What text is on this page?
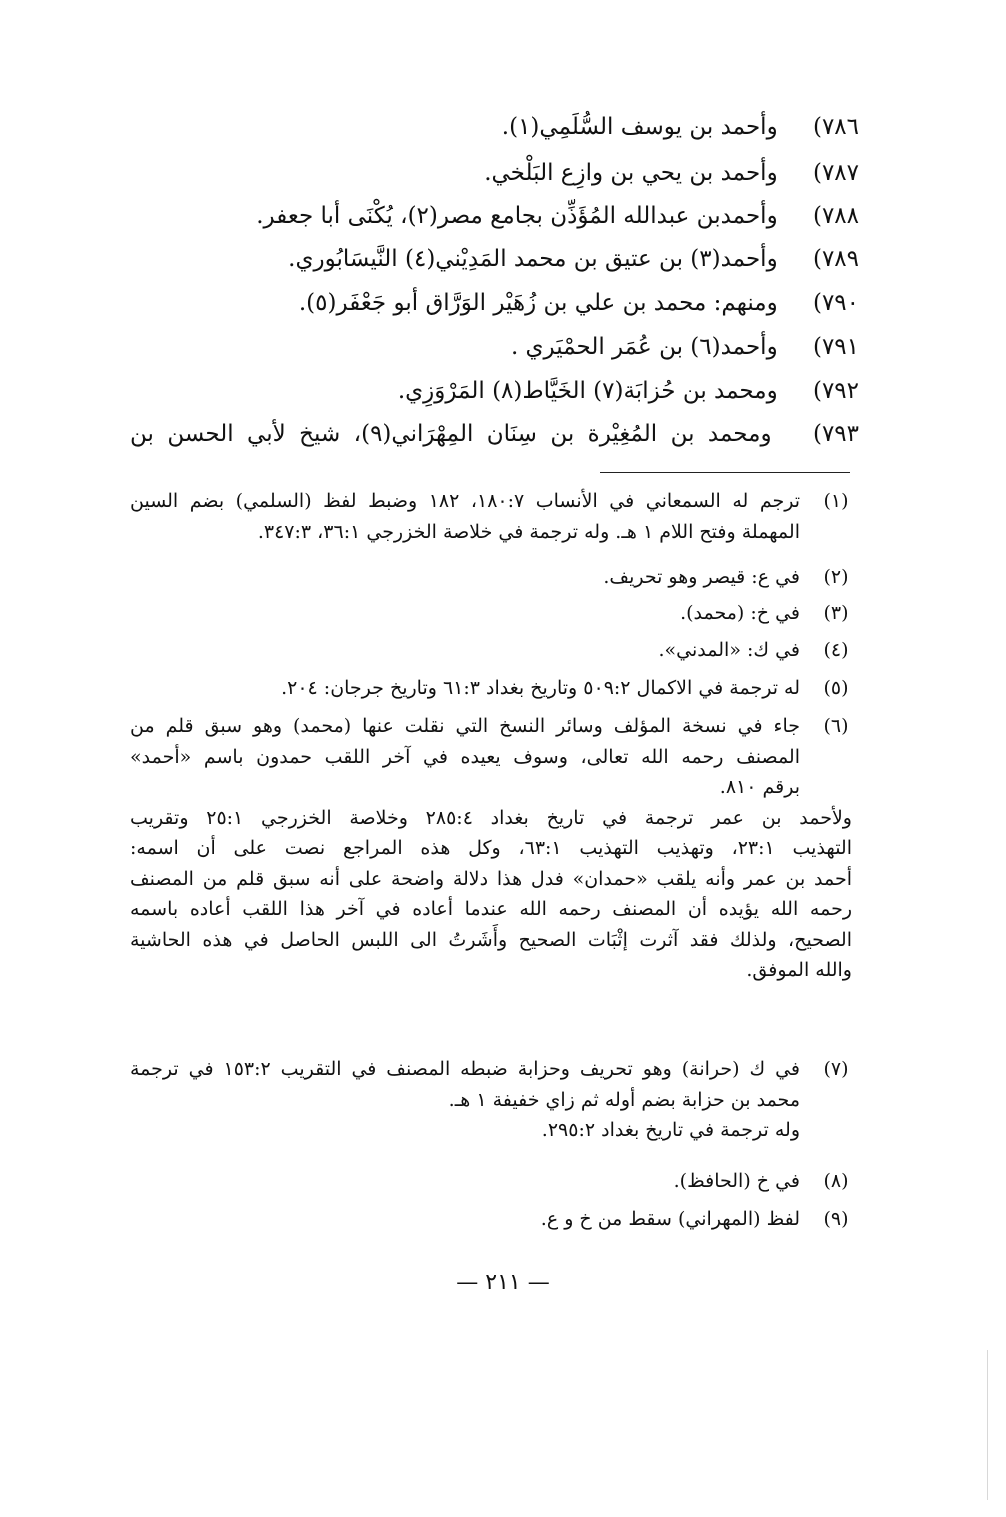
٧٨٦) وأحمد بن يوسف السُّلَمِي(١).
٧٨٧) وأحمد بن يحي بن وازِع البَلْخي.
٧٨٨) وأحمدبن عبدالله المُؤَذِّن بجامع مصر(٢)، يُكْنَى أبا جعفر.
٧٨٩) وأحمد(٣) بن عتيق بن محمد المَدِيْني(٤) النَّيسَابُوري.
٧٩٠) ومنهم: محمد بن علي بن زُهَيْر الوَرَّاق أبو جَعْفَر(٥).
٧٩١) وأحمد(٦) بن عُمَر الحمْيَري .
٧٩٢) ومحمد بن حُزابَة(٧) الخَيَّاط(٨) المَرْوَزِي.
٧٩٣) ومحمد بن المُغِيْرة بن سِنَان المِهْرَاني(٩)، شيخ لأبي الحسن بن
(١)
ترجم له السمعاني في الأنساب ١٨٠:٧، ١٨٢ وضبط لفظ (السلمي) بضم السين
المهملة وفتح اللام ١ هـ. وله ترجمة في خلاصة الخزرجي ٣٦:١، ٣٤٧:٣.
(٢)
في ع: قيصر وهو تحريف.
(٣)
في خ: (محمد).
(٤)
في ك: «المدني».
(٥)
له ترجمة في الاكمال ٥٠٩:٢ وتاريخ بغداد ٦١:٣ وتاريخ جرجان: ٢٠٤.
(٦)
جاء في نسخة المؤلف وسائر النسخ التي نقلت عنها (محمد) وهو سبق قلم من
المصنف رحمه الله تعالى، وسوف يعيده في آخر اللقب حمدون باسم «أحمد»
برقم ٨١٠.
ولأحمد بن عمر ترجمة في تاريخ بغداد ٢٨٥:٤ وخلاصة الخزرجي ٢٥:١ وتقريب
التهذيب ٢٣:١، وتهذيب التهذيب ٦٣:١، وكل هذه المراجع نصت على أن اسمه:
أحمد بن عمر وأنه يلقب «حمدان» فدل هذا دلالة واضحة على أنه سبق قلم من المصنف
رحمه الله يؤيده أن المصنف رحمه الله عندما أعاده في آخر هذا اللقب أعاده باسمه
الصحيح، ولذلك فقد آثرت إثْبَات الصحيح وأَشَرتُ الى اللبس الحاصل في هذه الحاشية
والله الموفق.
(٧)
في ك (حرانة) وهو تحريف وحزابة ضبطه المصنف في التقريب ١٥٣:٢ في ترجمة
محمد بن حزابة بضم أوله ثم زاي خفيفة ١ هـ.
وله ترجمة في تاريخ بغداد ٢٩٥:٢.
(٨)
في خ (الحافظ).
(٩)
لفظ (المهراني) سقط من خ و ع.
— ٢١١ —
